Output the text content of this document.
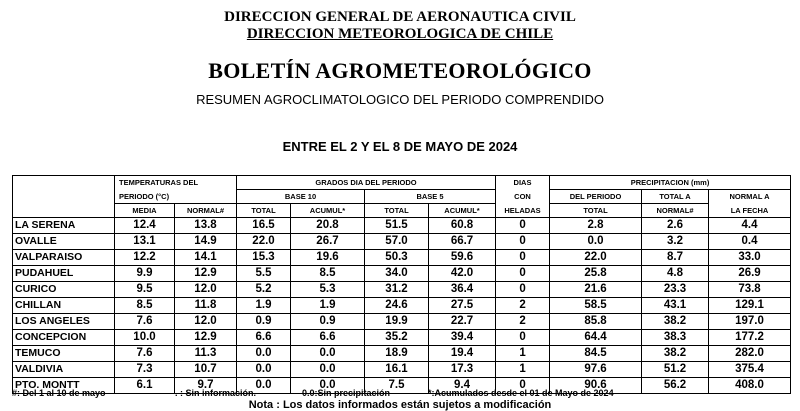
DIRECCION GENERAL DE AERONAUTICA CIVIL
DIRECCION METEOROLOGICA DE CHILE
BOLETÍN AGROMETEOROLÓGICO
RESUMEN AGROCLIMATOLOGICO DEL PERIODO COMPRENDIDO
ENTRE EL 2 Y EL 8 DE MAYO DE 2024
	TEMPERATURAS DEL		GRADOS DIA DEL PERIODO				DIAS	PRECIPITACION (mm)			
	PERIODO (°C)		BASE 10		BASE 5		CON	DEL PERIODO	TOTAL A	NORMAL A	
	MEDIA	NORMAL#	TOTAL	ACUMUL*	TOTAL	ACUMUL*	HELADAS	TOTAL	NORMAL#	LA FECHA	
LA SERENA	12.4	13.8	16.5	20.8	51.5	60.8	0	2.8	2.6	4.4	
OVALLE	13.1	14.9	22.0	26.7	57.0	66.7	0	0.0	3.2	0.4	
VALPARAISO	12.2	14.1	15.3	19.6	50.3	59.6	0	22.0	8.7	33.0	
PUDAHUEL	9.9	12.9	5.5	8.5	34.0	42.0	0	25.8	4.8	26.9	
CURICO	9.5	12.0	5.2	5.3	31.2	36.4	0	21.6	23.3	73.8	
CHILLAN	8.5	11.8	1.9	1.9	24.6	27.5	2	58.5	43.1	129.1	
LOS ANGELES	7.6	12.0	0.9	0.9	19.9	22.7	2	85.8	38.2	197.0	
CONCEPCION	10.0	12.9	6.6	6.6	35.2	39.4	0	64.4	38.3	177.2	
TEMUCO	7.6	11.3	0.0	0.0	18.9	19.4	1	84.5	38.2	282.0	
VALDIVIA	7.3	10.7	0.0	0.0	16.1	17.3	1	97.6	51.2	375.4	
PTO. MONTT	6.1	9.7	0.0	0.0	7.5	9.4	0	90.6	56.2	408.0	
#: Del 1 al 10 de mayo	. : Sin información.	0.0:Sin precipitación	*:Acumulados desde el 01 de Mayo de 2024
Nota : Los datos informados están sujetos a modificación
